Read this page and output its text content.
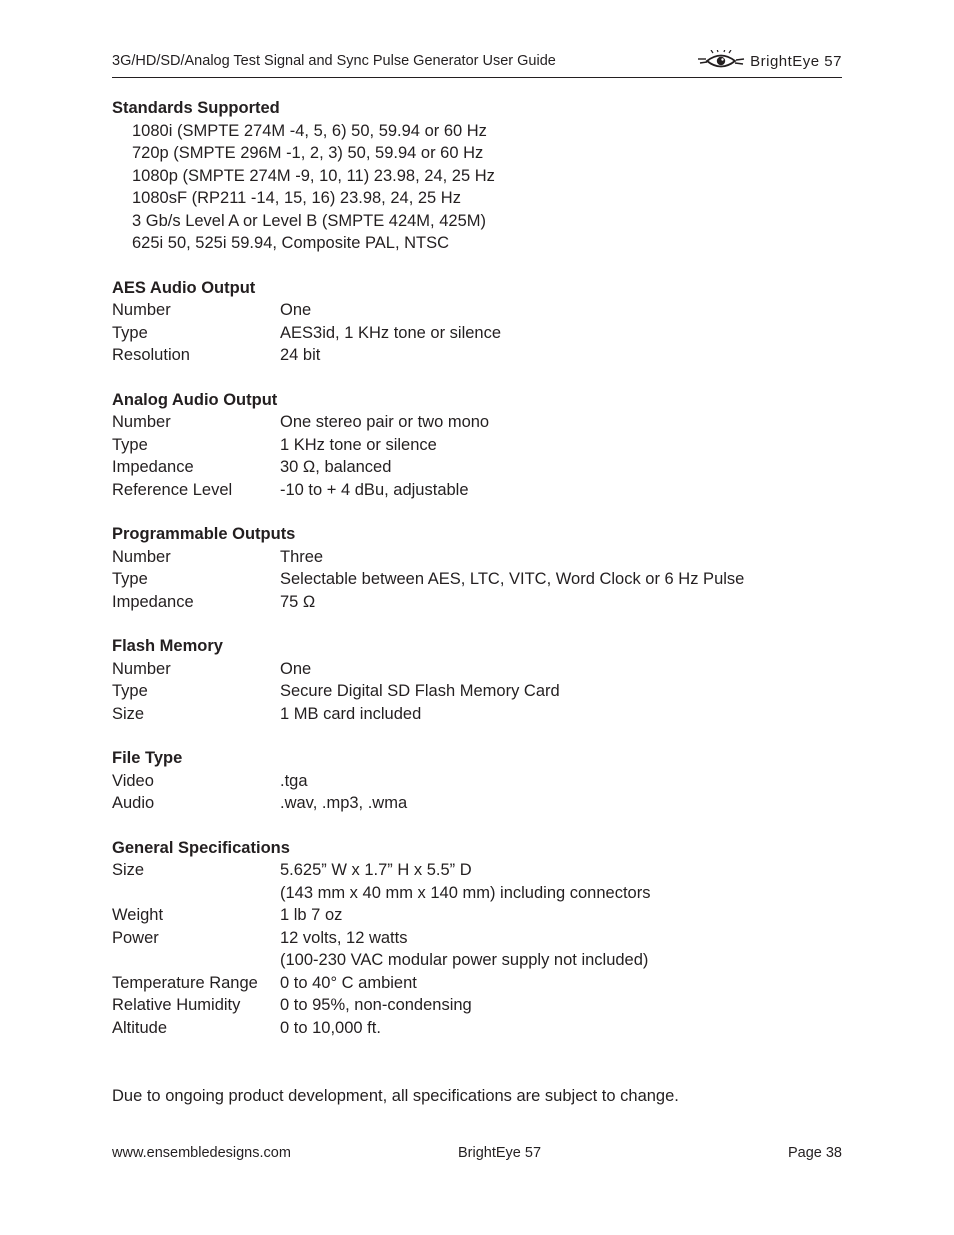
3G/HD/SD/Analog Test Signal and Sync Pulse Generator User Guide	BrightEye 57
Standards Supported
1080i (SMPTE 274M -4, 5, 6) 50, 59.94 or 60 Hz
720p (SMPTE 296M -1, 2, 3) 50, 59.94 or 60 Hz
1080p (SMPTE 274M -9, 10, 11) 23.98, 24, 25 Hz
1080sF (RP211 -14, 15, 16) 23.98, 24, 25 Hz
3 Gb/s Level A or Level B (SMPTE 424M, 425M)
625i 50, 525i 59.94, Composite PAL, NTSC
AES Audio Output
Number	One
Type	AES3id, 1 KHz tone or silence
Resolution	24 bit
Analog Audio Output
Number	One stereo pair or two mono
Type	1 KHz tone or silence
Impedance	30 Ω, balanced
Reference Level	-10 to + 4 dBu, adjustable
Programmable Outputs
Number	Three
Type	Selectable between AES, LTC, VITC, Word Clock or 6 Hz Pulse
Impedance	75 Ω
Flash Memory
Number	One
Type	Secure Digital SD Flash Memory Card
Size	1 MB card included
File Type
Video	.tga
Audio	.wav, .mp3, .wma
General Specifications
Size	5.625” W x 1.7” H x 5.5” D
(143 mm x 40 mm x 140 mm) including connectors
Weight	1 lb 7 oz
Power	12 volts, 12 watts
(100-230 VAC modular power supply not included)
Temperature Range	0 to 40° C ambient
Relative Humidity	0 to 95%, non-condensing
Altitude	0 to 10,000 ft.
Due to ongoing product development, all specifications are subject to change.
www.ensembledesigns.com	BrightEye 57	Page 38
